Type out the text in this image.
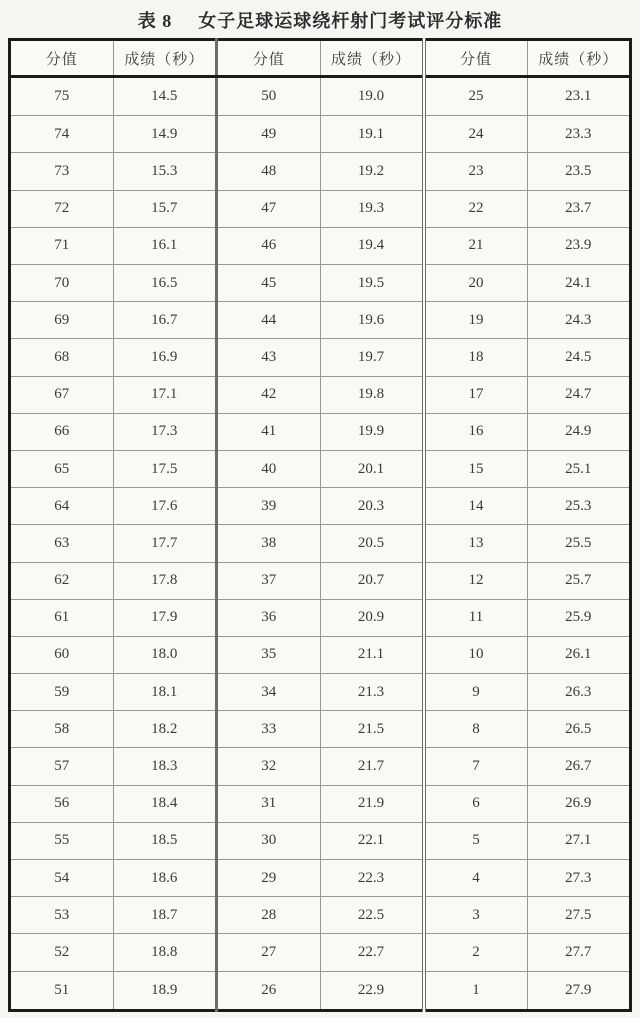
表 8 女子足球运球绕杆射门考试评分标准
分值	成绩（秒）	分值	成绩（秒）	分值	成绩（秒）
75	14.5	50	19.0	25	23.1
74	14.9	49	19.1	24	23.3
73	15.3	48	19.2	23	23.5
72	15.7	47	19.3	22	23.7
71	16.1	46	19.4	21	23.9
70	16.5	45	19.5	20	24.1
69	16.7	44	19.6	19	24.3
68	16.9	43	19.7	18	24.5
67	17.1	42	19.8	17	24.7
66	17.3	41	19.9	16	24.9
65	17.5	40	20.1	15	25.1
64	17.6	39	20.3	14	25.3
63	17.7	38	20.5	13	25.5
62	17.8	37	20.7	12	25.7
61	17.9	36	20.9	11	25.9
60	18.0	35	21.1	10	26.1
59	18.1	34	21.3	9	26.3
58	18.2	33	21.5	8	26.5
57	18.3	32	21.7	7	26.7
56	18.4	31	21.9	6	26.9
55	18.5	30	22.1	5	27.1
54	18.6	29	22.3	4	27.3
53	18.7	28	22.5	3	27.5
52	18.8	27	22.7	2	27.7
51	18.9	26	22.9	1	27.9
